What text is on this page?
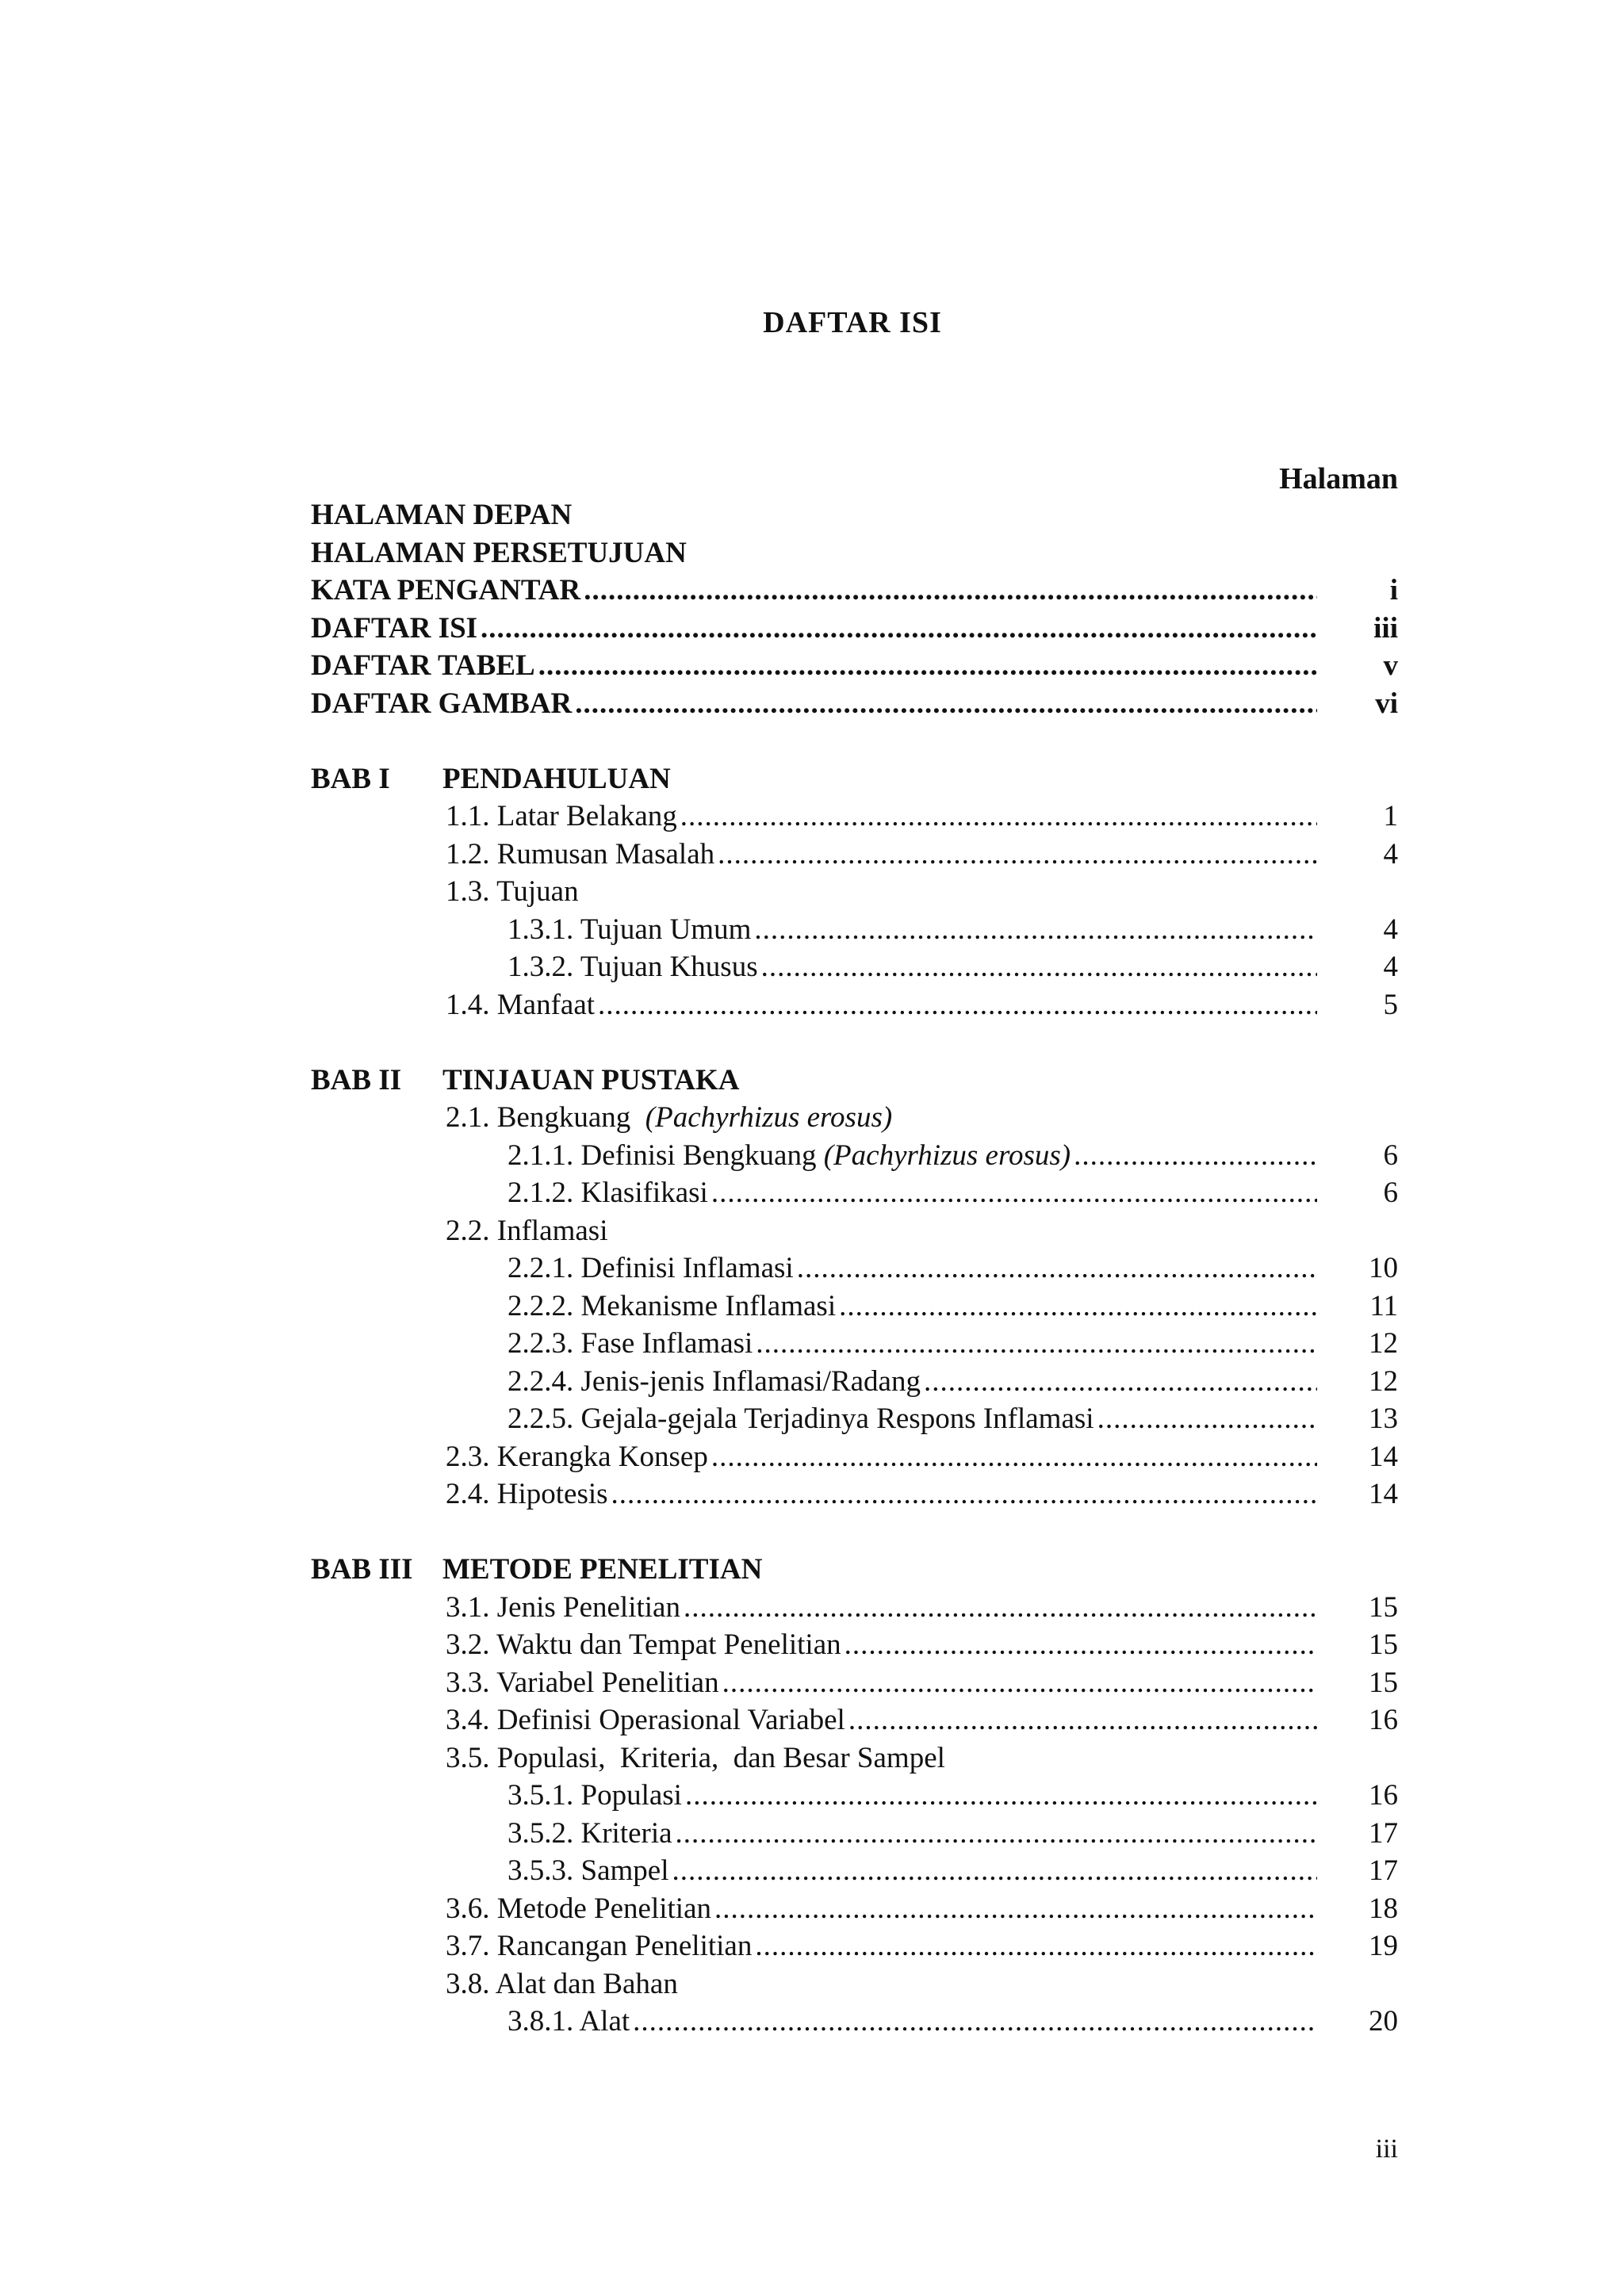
DAFTAR ISI
Halaman
HALAMAN DEPAN
HALAMAN PERSETUJUAN
KATA PENGANTAR .....	i
DAFTAR ISI .....	iii
DAFTAR TABEL .....	v
DAFTAR GAMBAR .....	vi
BAB I	PENDAHULUAN
1.1. Latar Belakang .....	1
1.2. Rumusan Masalah .....	4
1.3. Tujuan
1.3.1. Tujuan Umum .....	4
1.3.2. Tujuan Khusus .....	4
1.4. Manfaat .....	5
BAB II	TINJAUAN PUSTAKA
2.1. Bengkuang (Pachyrhizus erosus)
2.1.1. Definisi Bengkuang (Pachyrhizus erosus) .....	6
2.1.2. Klasifikasi .....	6
2.2. Inflamasi
2.2.1. Definisi Inflamasi .....	10
2.2.2. Mekanisme Inflamasi .....	11
2.2.3. Fase Inflamasi .....	12
2.2.4. Jenis-jenis Inflamasi/Radang .....	12
2.2.5. Gejala-gejala Terjadinya Respons Inflamasi .....	13
2.3. Kerangka Konsep .....	14
2.4. Hipotesis .....	14
BAB III	METODE PENELITIAN
3.1. Jenis Penelitian .....	15
3.2. Waktu dan Tempat Penelitian .....	15
3.3. Variabel Penelitian .....	15
3.4. Definisi Operasional Variabel .....	16
3.5. Populasi,  Kriteria,  dan Besar Sampel
3.5.1. Populasi .....	16
3.5.2. Kriteria .....	17
3.5.3. Sampel .....	17
3.6. Metode Penelitian .....	18
3.7. Rancangan Penelitian .....	19
3.8. Alat dan Bahan
3.8.1. Alat .....	20
iii
